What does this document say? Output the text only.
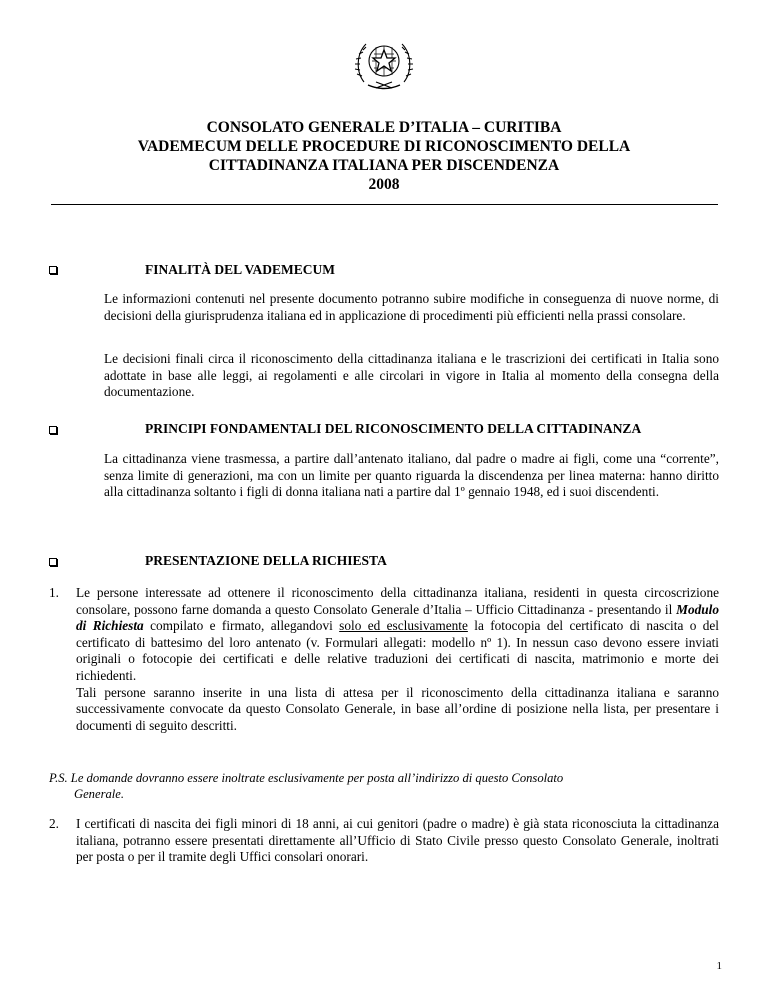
CONSOLATO GENERALE D’ITALIA – CURITIBA
VADEMECUM DELLE PROCEDURE DI RICONOSCIMENTO DELLA
CITTADINANZA ITALIANA PER DISCENDENZA
2008
FINALITÀ DEL VADEMECUM
Le informazioni contenuti nel presente documento potranno subire modifiche in conseguenza di nuove norme, di decisioni della giurisprudenza italiana ed in applicazione di procedimenti più efficienti nella prassi consolare.
Le decisioni finali circa il riconoscimento della cittadinanza italiana e le trascrizioni dei certificati in Italia sono adottate in base alle leggi, ai regolamenti e alle circolari in vigore in Italia al momento della consegna della documentazione.
PRINCIPI FONDAMENTALI DEL RICONOSCIMENTO DELLA CITTADINANZA
La cittadinanza viene trasmessa, a partire dall’antenato italiano, dal padre o madre ai figli, come una “corrente”, senza limite di generazioni, ma con un limite per quanto riguarda la discendenza per linea materna: hanno diritto alla cittadinanza soltanto i figli di donna italiana nati a partire dal 1º gennaio 1948, ed i suoi discendenti.
PRESENTAZIONE DELLA RICHIESTA
1. Le persone interessate ad ottenere il riconoscimento della cittadinanza italiana, residenti in questa circoscrizione consolare, possono farne domanda a questo Consolato Generale d’Italia – Ufficio Cittadinanza - presentando il Modulo di Richiesta compilato e firmato, allegandovi solo ed esclusivamente la fotocopia del certificato di nascita o del certificato di battesimo del loro antenato (v. Formulari allegati: modello nº 1). In nessun caso devono essere inviati originali o fotocopie dei certificati e delle relative traduzioni dei certificati di nascita, matrimonio e morte dei richiedenti.
Tali persone saranno inserite in una lista di attesa per il riconoscimento della cittadinanza italiana e saranno successivamente convocate da questo Consolato Generale, in base all’ordine di posizione nella lista, per presentare i documenti di seguito descritti.
P.S. Le domande dovranno essere inoltrate esclusivamente per posta all’indirizzo di questo Consolato
Generale.
2. I certificati di nascita dei figli minori di 18 anni, ai cui genitori (padre o madre) è già stata riconosciuta la cittadinanza italiana, potranno essere presentati direttamente all’Ufficio di Stato Civile presso questo Consolato Generale, inoltrati per posta o per il tramite degli Uffici consolari onorari.
1
